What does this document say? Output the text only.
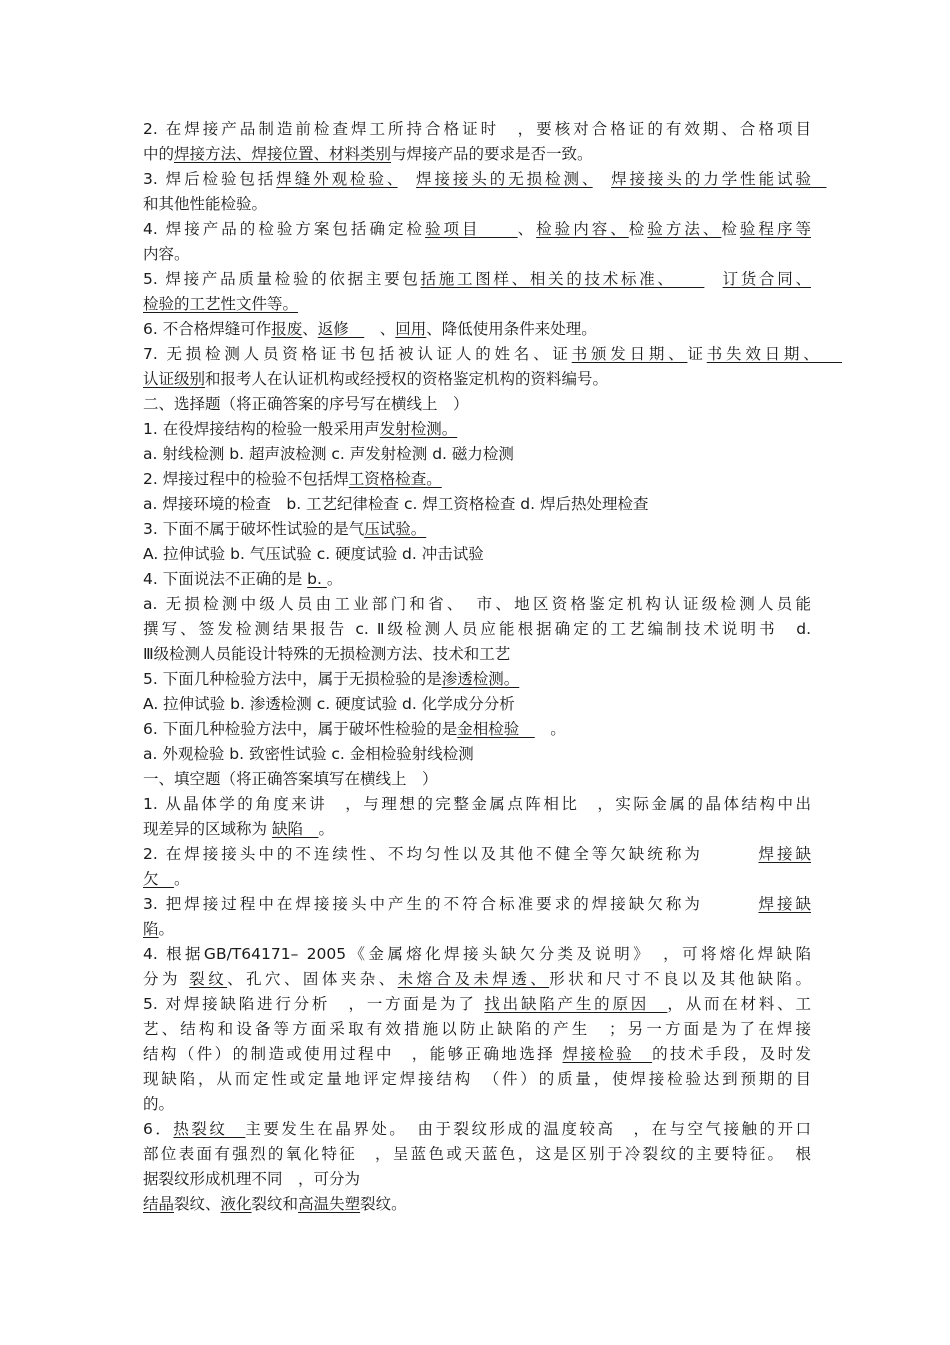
2. 在焊接产品制造前检查焊工所持合格证时　，要核对合格证的有效期、合格项目
中的焊接方法、焊接位置、材料类别与焊接产品的要求是否一致。
3. 焊后检验包括焊缝外观检验、　 焊接接头的无损检测、　 焊接接头的力学性能试验　
和其他性能检验。
4. 焊接产品的检验方案包括确定检验项目　　、检验内容、检验方法、检验程序等
内容。
5. 焊接产品质量检验的依据主要包括施工图样、相关的技术标准、　　　订货合同、
检验的工艺性文件等。
6. 不合格焊缝可作报废、返修　　、回用、降低使用条件来处理。
7. 无损检测人员资格证书包括被认证人的姓名、证书颁发日期、证书失效日期、　　
认证级别和报考人在认证机构或经授权的资格鉴定机构的资料编号。
二、选择题（将正确答案的序号写在横线上　）
1. 在役焊接结构的检验一般采用声发射检测。
a. 射线检测 b. 超声波检测 c. 声发射检测 d. 磁力检测
2. 焊接过程中的检验不包括焊工资格检查。
a. 焊接环境的检查　b. 工艺纪律检查 c. 焊工资格检查 d. 焊后热处理检查
3. 下面不属于破坏性试验的是气压试验。
A. 拉伸试验 b. 气压试验 c. 硬度试验 d. 冲击试验
4. 下面说法不正确的是 b. 。
a. 无损检测中级人员由工业部门和省、　市、地区资格鉴定机构认证级检测人员能
撰写、签发检测结果报告 c. Ⅱ级检测人员应能根据确定的工艺编制技术说明书　d.
Ⅲ级检测人员能设计特殊的无损检测方法、技术和工艺
5. 下面几种检验方法中，属于无损检验的是渗透检测。
A. 拉伸试验 b. 渗透检测 c. 硬度试验 d. 化学成分分析
6. 下面几种检验方法中，属于破坏性检验的是金相检验　　。
a. 外观检验 b. 致密性试验 c. 金相检验射线检测
一、填空题（将正确答案填写在横线上　）
1. 从晶体学的角度来讲　，与理想的完整金属点阵相比　，实际金属的晶体结构中出
现差异的区域称为 缺陷　。
2. 在焊接接头中的不连续性、不均匀性以及其他不健全等欠缺统称为　　　焊接缺
欠　。
3. 把焊接过程中在焊接接头中产生的不符合标准要求的焊接缺欠称为　　　焊接缺
陷。
4. 根据GB/T64171– 2005《金属熔化焊接头缺欠分类及说明》　，可将熔化焊缺陷
分为 裂纹、孔穴、固体夹杂、未熔合及未焊透、形状和尺寸不良以及其他缺陷。
5. 对焊接缺陷进行分析　，一方面是为了 找出缺陷产生的原因　，从而在材料、工
艺、结构和设备等方面采取有效措施以防止缺陷的产生　；另一方面是为了在焊接
结构（件）的制造或使用过程中　，能够正确地选择 焊接检验　的技术手段，及时发
现缺陷，从而定性或定量地评定焊接结构　（件）的质量，使焊接检验达到预期的目
的。
6．热裂纹　主要发生在晶界处。　由于裂纹形成的温度较高　，在与空气接触的开口
部位表面有强烈的氧化特征　，呈蓝色或天蓝色，这是区别于冷裂纹的主要特征。　根
据裂纹形成机理不同　，可分为
结晶裂纹、液化裂纹和高温失塑裂纹。
